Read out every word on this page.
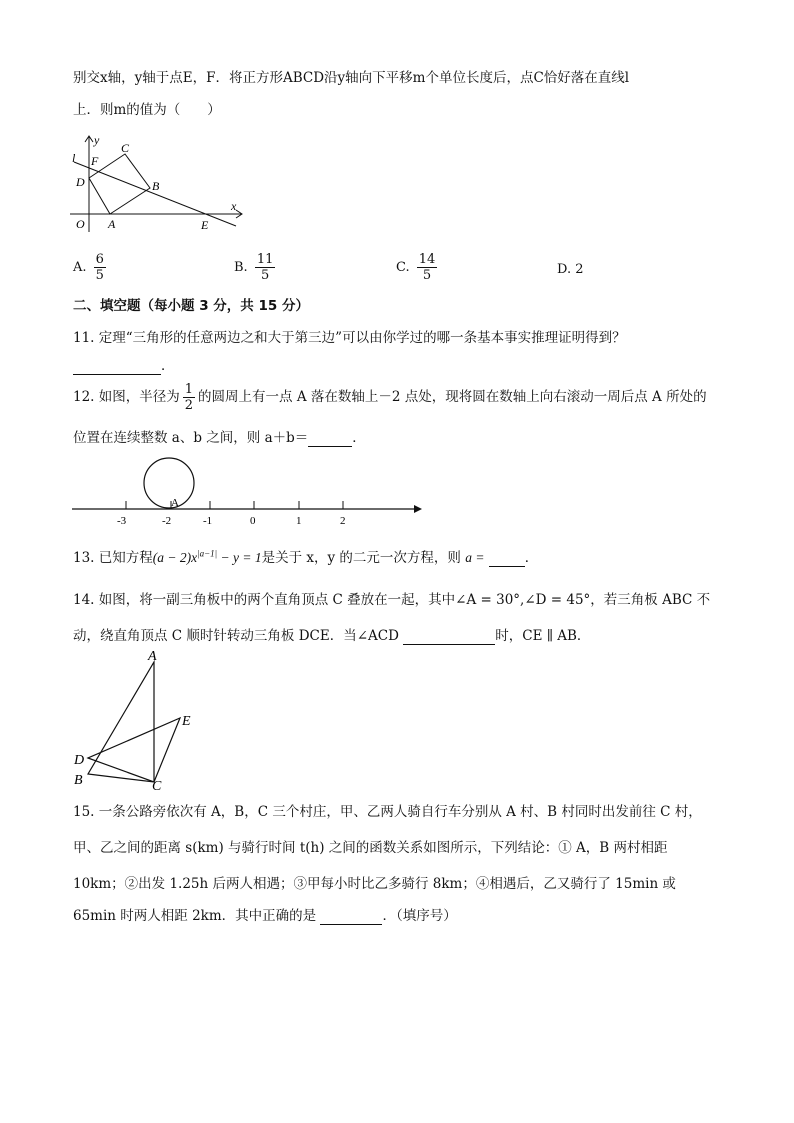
别交x轴，y轴于点E，F．将正方形ABCD沿y轴向下平移m个单位长度后，点C恰好落在直线l
上．则m的值为（　　）
y
x
l F
C
D	B
O A	E
A. $\frac{6}{5}$	B. $\frac{11}{5}$	C. $\frac{14}{5}$	D. 2
二、填空题（每小题 3 分，共 15 分）
11. 定理“三角形的任意两边之和大于第三边”可以由你学过的哪一条基本事实推理证明得到？
．
12. 如图，半径为 $\frac{1}{2}$ 的圆周上有一点 A 落在数轴上－2 点处，现将圆在数轴上向右滚动一周后点 A 所处的
位置在连续整数 a、b 之间，则 a＋b＝	．
A
-3	-2	-1	0	1	2
13. 已知方程$(a - 2)x^{|a-1|} - y = 1$是关于 x，y 的二元一次方程，则 a =	．
14. 如图，将一副三角板中的两个直角顶点 C 叠放在一起，其中∠A = 30°,∠D = 45°，若三角板 ABC 不
动，绕直角顶点 C 顺时针转动三角板 DCE．当∠ACD	时，CE ∥ AB．
A
E
D
B	C
15. 一条公路旁依次有 A，B，C 三个村庄，甲、乙两人骑自行车分别从 A 村、B 村同时出发前往 C 村，
甲、乙之间的距离 s(km) 与骑行时间 t(h) 之间的函数关系如图所示，下列结论：① A，B 两村相距
10km；②出发 1.25h 后两人相遇；③甲每小时比乙多骑行 8km；④相遇后，乙又骑行了 15min 或
65min 时两人相距 2km．其中正确的是	．（填序号）
